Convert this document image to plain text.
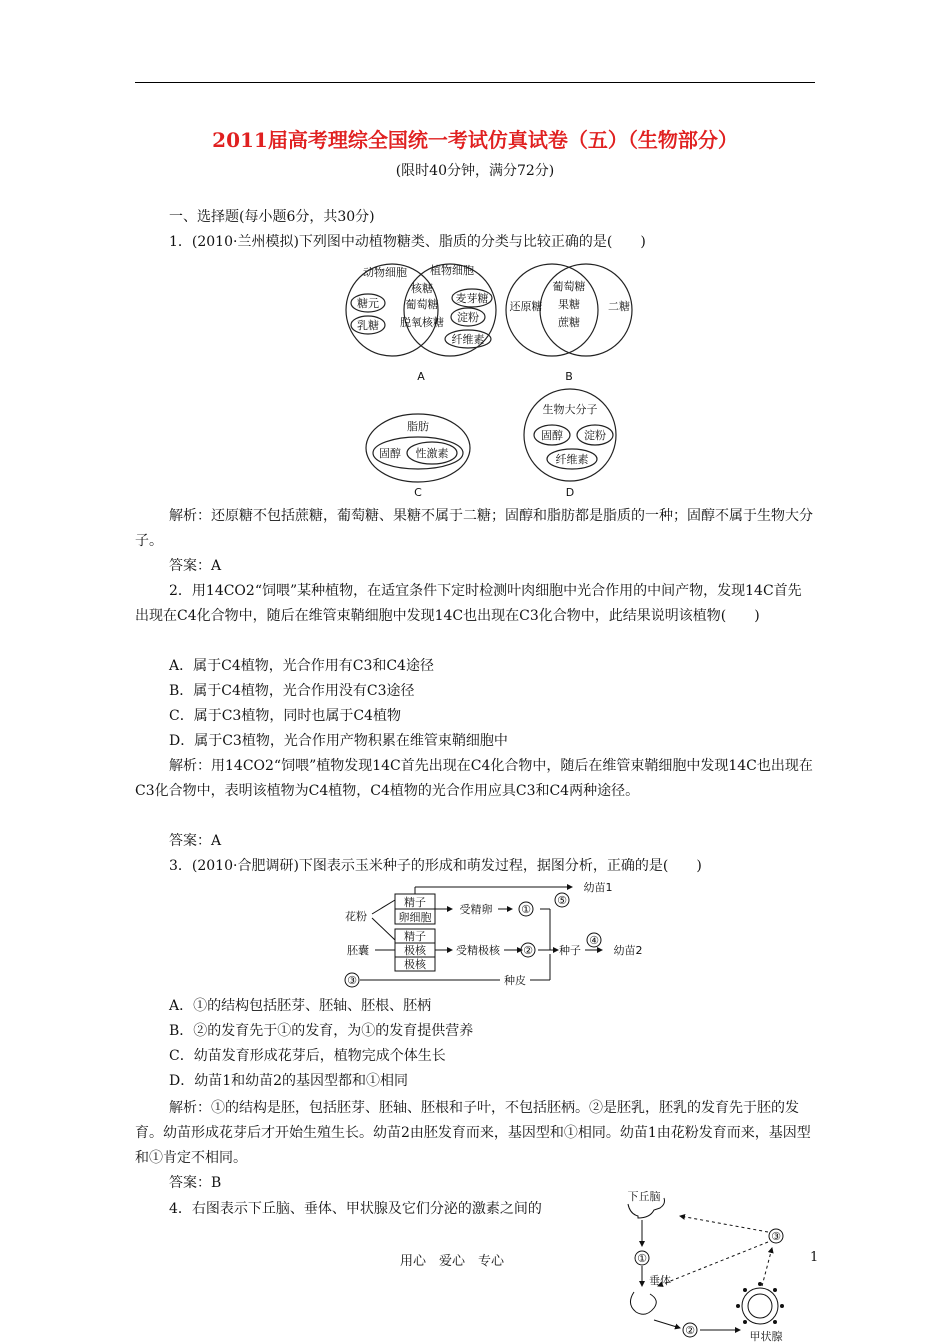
2011届高考理综全国统一考试仿真试卷（五）（生物部分）
(限时40分钟，满分72分)
一、选择题(每小题6分，共30分)
1．(2010·兰州模拟)下列图中动植物糖类、脂质的分类与比较正确的是(　　)
动物细胞 植物细胞
糖元
乳糖
核糖
葡萄糖
脱氧核糖
麦芽糖
淀粉
纤维素
A
还原糖
葡萄糖
果糖
蔗糖
二糖
B
脂肪
固醇 性激素
C
生物大分子
固醇 淀粉
纤维素
D
解析：还原糖不包括蔗糖，葡萄糖、果糖不属于二糖；固醇和脂肪都是脂质的一种；固醇不属于生物大分子。
答案：A
2．用14CO2“饲喂”某种植物，在适宜条件下定时检测叶肉细胞中光合作用的中间产物，发现14C首先出现在C4化合物中，随后在维管束鞘细胞中发现14C也出现在C3化合物中，此结果说明该植物(　　)
A．属于C4植物，光合作用有C3和C4途径
B．属于C4植物，光合作用没有C3途径
C．属于C3植物，同时也属于C4植物
D．属于C3植物，光合作用产物积累在维管束鞘细胞中
解析：用14CO2“饲喂”植物发现14C首先出现在C4化合物中，随后在维管束鞘细胞中发现14C也出现在C3化合物中，表明该植物为C4植物，C4植物的光合作用应具C3和C4两种途径。
答案：A
3．(2010·合肥调研)下图表示玉米种子的形成和萌发过程，据图分析，正确的是(　　)
花粉
胚囊
精子
卵细胞
精子
极核
极核
受精卵
受精极核
①
②
③
④
⑤
幼苗1
种子	幼苗2
种皮
A．①的结构包括胚芽、胚轴、胚根、胚柄
B．②的发育先于①的发育，为①的发育提供营养
C．幼苗发育形成花芽后，植物完成个体生长
D．幼苗1和幼苗2的基因型都和①相同
解析：①的结构是胚，包括胚芽、胚轴、胚根和子叶，不包括胚柄。②是胚乳，胚乳的发育先于胚的发育。幼苗形成花芽后才开始生殖生长。幼苗2由胚发育而来，基因型和①相同。幼苗1由花粉发育而来，基因型和①肯定不相同。
答案：B
4．右图表示下丘脑、垂体、甲状腺及它们分泌的激素之间的
下丘脑
①
垂体
②
③
甲状腺
用心　爱心　专心	1
